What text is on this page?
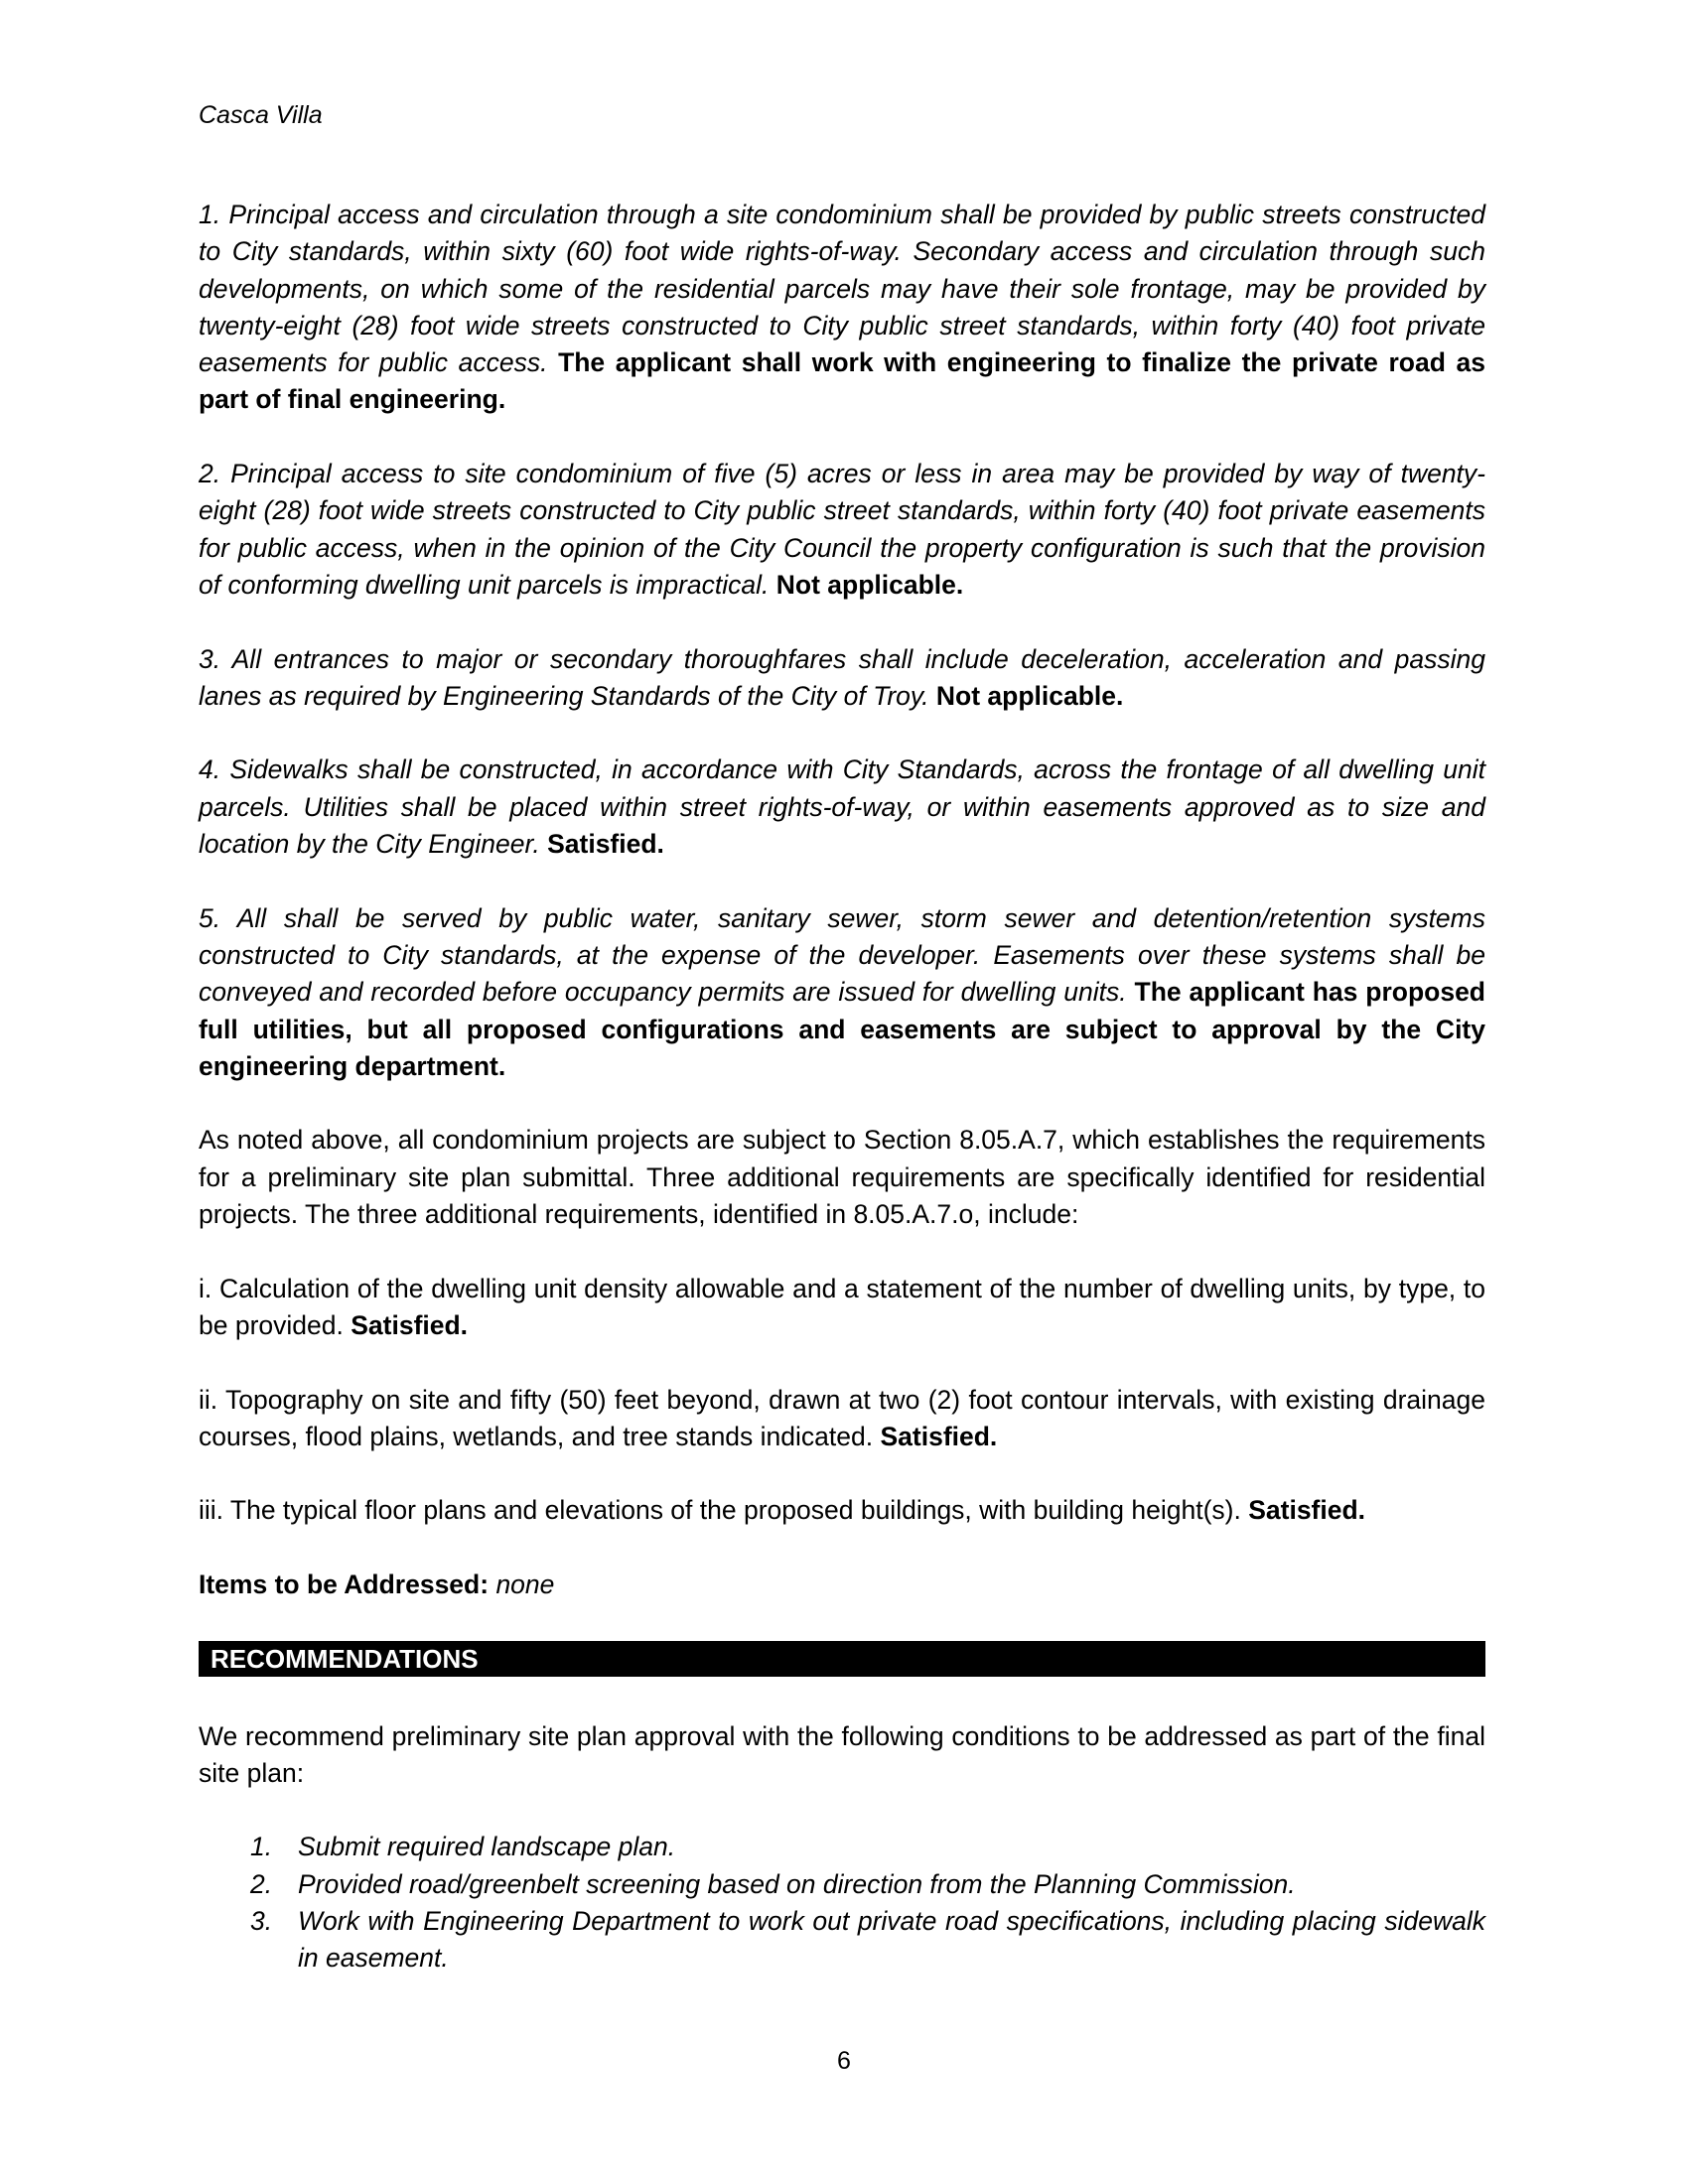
Casca Villa

1. Principal access and circulation through a site condominium shall be provided by public streets constructed to City standards, within sixty (60) foot wide rights-of-way. Secondary access and circulation through such developments, on which some of the residential parcels may have their sole frontage, may be provided by twenty-eight (28) foot wide streets constructed to City public street standards, within forty (40) foot private easements for public access. The applicant shall work with engineering to finalize the private road as part of final engineering.

2. Principal access to site condominium of five (5) acres or less in area may be provided by way of twenty-eight (28) foot wide streets constructed to City public street standards, within forty (40) foot private easements for public access, when in the opinion of the City Council the property configuration is such that the provision of conforming dwelling unit parcels is impractical. Not applicable.

3. All entrances to major or secondary thoroughfares shall include deceleration, acceleration and passing lanes as required by Engineering Standards of the City of Troy. Not applicable.

4. Sidewalks shall be constructed, in accordance with City Standards, across the frontage of all dwelling unit parcels. Utilities shall be placed within street rights-of-way, or within easements approved as to size and location by the City Engineer. Satisfied.

5. All shall be served by public water, sanitary sewer, storm sewer and detention/retention systems constructed to City standards, at the expense of the developer. Easements over these systems shall be conveyed and recorded before occupancy permits are issued for dwelling units. The applicant has proposed full utilities, but all proposed configurations and easements are subject to approval by the City engineering department.

As noted above, all condominium projects are subject to Section 8.05.A.7, which establishes the requirements for a preliminary site plan submittal. Three additional requirements are specifically identified for residential projects. The three additional requirements, identified in 8.05.A.7.o, include:

i. Calculation of the dwelling unit density allowable and a statement of the number of dwelling units, by type, to be provided. Satisfied.

ii. Topography on site and fifty (50) feet beyond, drawn at two (2) foot contour intervals, with existing drainage courses, flood plains, wetlands, and tree stands indicated. Satisfied.

iii. The typical floor plans and elevations of the proposed buildings, with building height(s). Satisfied.

Items to be Addressed: none

RECOMMENDATIONS

We recommend preliminary site plan approval with the following conditions to be addressed as part of the final site plan:

1. Submit required landscape plan.
2. Provided road/greenbelt screening based on direction from the Planning Commission.
3. Work with Engineering Department to work out private road specifications, including placing sidewalk in easement.
6
